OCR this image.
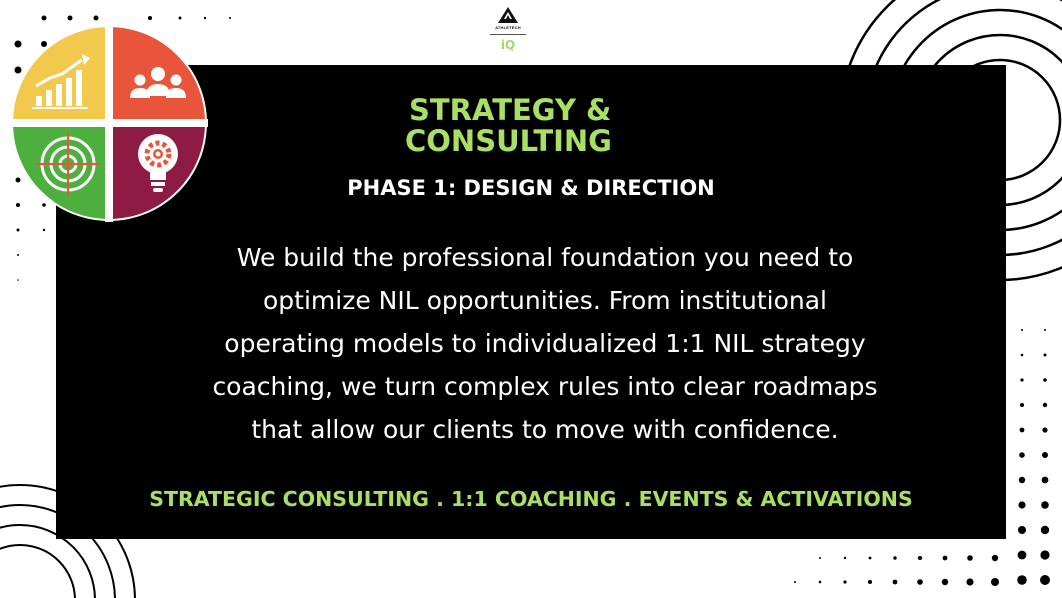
ATHLETECH
iQ
STRATEGY &
CONSULTING
PHASE 1: DESIGN & DIRECTION
We build the professional foundation you need to
optimize NIL opportunities. From institutional
operating models to individualized 1:1 NIL strategy
coaching, we turn complex rules into clear roadmaps
that allow our clients to move with confidence.
STRATEGIC CONSULTING . 1:1 COACHING . EVENTS & ACTIVATIONS
